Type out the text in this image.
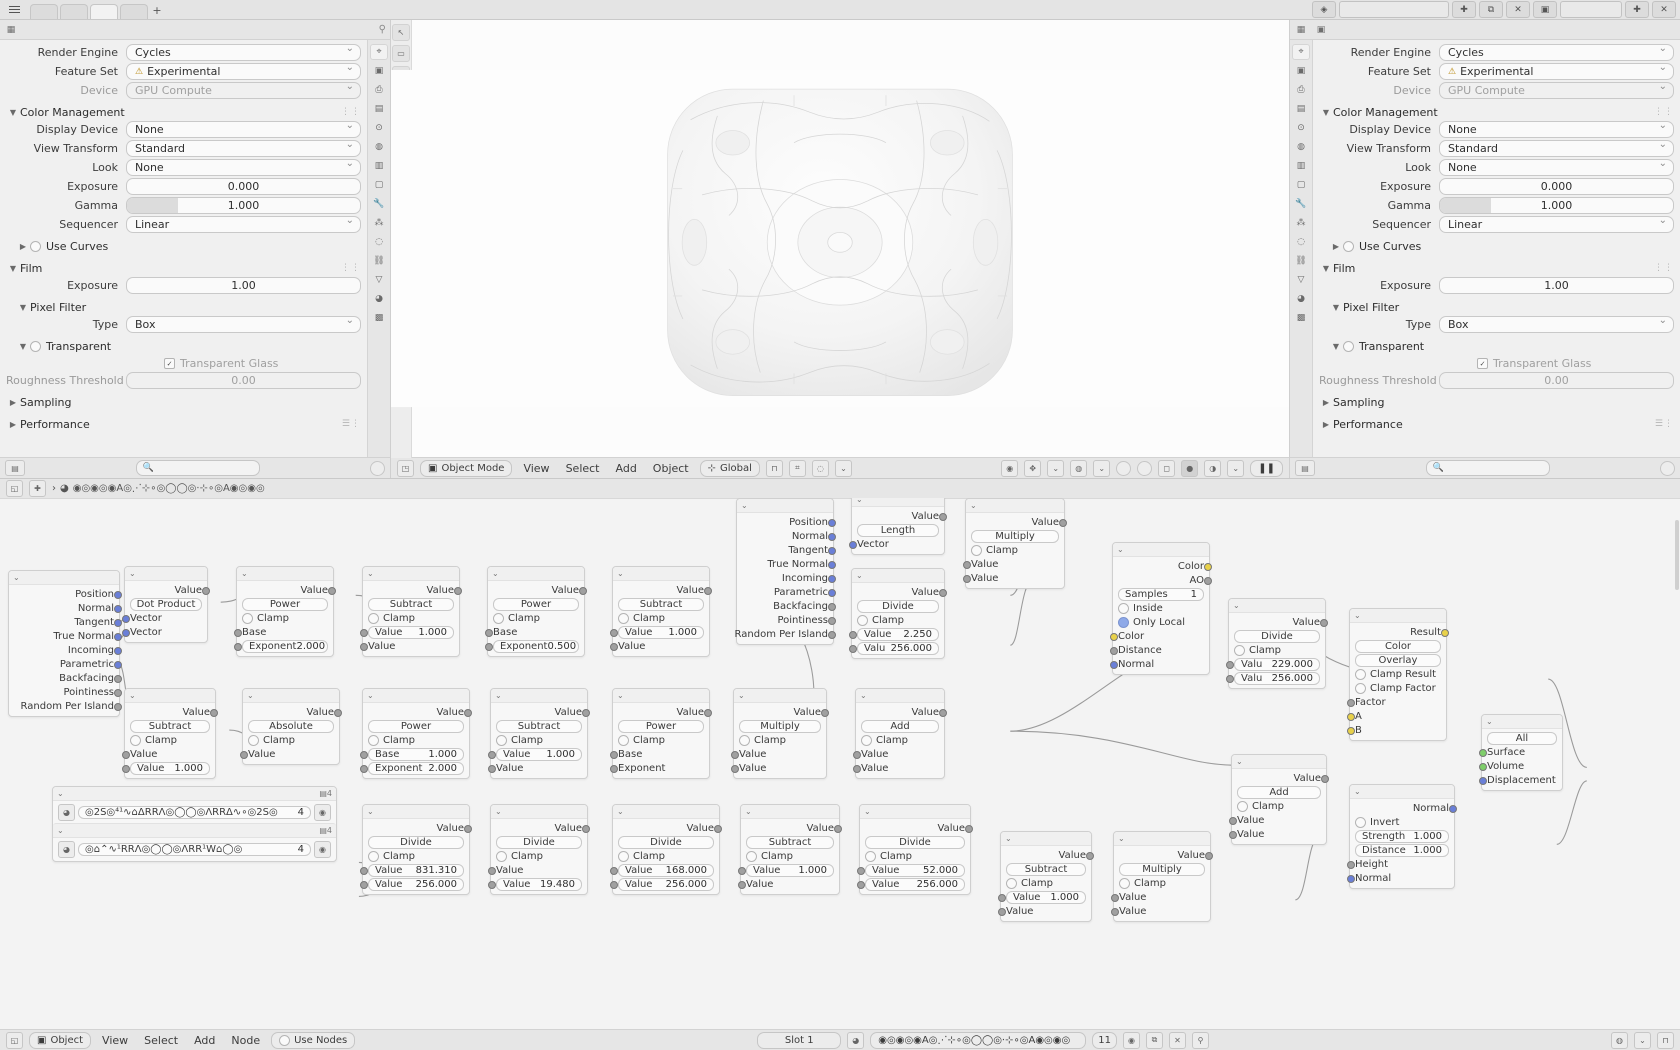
+	◈	✚	⧉	✕	▣	✚	✕
▦	⚲
Render Engine	Cycles ⌄
Feature Set	⚠ Experimental
⌄
Device	GPU Compute ⌄
▼ Color Management	⋮⋮
Display Device	None ⌄
View Transform	Standard ⌄
Look	None ⌄
Exposure	0.000
Gamma	1.000
Sequencer	Linear ⌄
▶	Use Curves
▼ Film	⋮⋮
Exposure	1.00
▼ Pixel Filter
Type	Box ⌄
▼	Transparent
✓ Transparent Glass
Roughness Threshold	0.00
▶ Sampling
▶ Performance	☰⋮
⌖
▣
⎙
▤
⊙
◍
▥
▢
🔧
⁂
◌
⛓
▽
◕
▩
▤	🔍
↖
▭
◳	▣ Object Mode	View	Select	Add	Object	⊹ Global	⊓	⌗	◌	⌄	◉	✥	⌄	◍	⌄	◻	●	◑	⌄	❚❚
▦	▣
⌖
▣
⎙
▤
⊙
◍
▥
▢
🔧
⁂
◌
⛓
▽
◕
▩
Render Engine	Cycles ⌄
Feature Set	⚠ Experimental
⌄
Device	GPU Compute ⌄
▼ Color Management	⋮⋮
Display Device	None ⌄
View Transform	Standard ⌄
Look	None ⌄
Exposure	0.000
Gamma	1.000
Sequencer	Linear ⌄
▶	Use Curves
▼ Film	⋮⋮
Exposure	1.00
▼ Pixel Filter
Type	Box ⌄
▼	Transparent
✓ Transparent Glass
Roughness Threshold	0.00
▶ Sampling
▶ Performance	☰⋮
▤	🔍
◱	✚	› ◕ ◉◎◉◎◉A◎⋰⊹∘◎◯◯◎⋅⊹∘◎A◉◎◉◎
⌄
Position
Normal
Tangent
True Normal
Incoming
Parametric
Backfacing
Pointiness
Random Per Island
⌄
Value
Dot Product
Vector
Vector
⌄
Value
Power
Clamp
Base
Exponent 2.000
⌄
Value
Subtract
Clamp
Value 1.000
Value
⌄
Value
Power
Clamp
Base
Exponent 0.500
⌄
Value
Subtract
Clamp
Value 1.000
Value
⌄
Position
Normal
Tangent
True Normal
Incoming
Parametric
Backfacing
Pointiness
Random Per Island
⌄
Value
Length
Vector
⌄
Value
Divide
Clamp
Value 2.250
Valu 256.000
⌄
Value
Multiply
Clamp
Value
Value
⌄
Color
AO
Samples 1
Inside
Only Local
Color
Distance
Normal
⌄
Value
Divide
Clamp
Valu 229.000
Valu 256.000
⌄
Result
Color
Overlay
Clamp Result
Clamp Factor
Factor
A
B
⌄
All
Surface
Volume
Displacement
⌄
Value
Subtract
Clamp
Value
Value 1.000
⌄
Value
Absolute
Clamp
Value
⌄
Value
Power
Clamp
Base	1.000
Exponent 2.000
⌄
Value
Subtract
Clamp
Value 1.000
Value
⌄
Value
Power
Clamp
Base
Exponent
⌄
Value
Multiply
Clamp
Value
Value
⌄
Value
Add
Clamp
Value
Value
⌄
Value
Add
Clamp
Value
Value
⌄
Normal
Invert
Strength 1.000
Distance 1.000
Height
Normal
⌄	▤4
◕	◎2S◎⁴¹∿⌂ΔRRΛ◎◯◯◎ΛRRΔ∿∘◎2S◎ 4	◉
⌄	▤4
◕	◎⌂⌃∿¹RRΛ◎◯◯◎ΛRR¹W⌂◯◎	4	◉
⌄
Value
Divide
Clamp
Value 831.310
Value 256.000
⌄
Value
Divide
Clamp
Value
Value 19.480
⌄
Value
Divide
Clamp
Value 168.000
Value 256.000
⌄
Value
Subtract
Clamp
Value 1.000
Value
⌄
Value
Divide
Clamp
Value 52.000
Value 256.000
⌄
Value
Subtract
Clamp
Value 1.000
Value
⌄
Value
Multiply
Clamp
Value
Value
◱	▣ Object	View	Select	Add	Node	Use Nodes	Slot 1	◕	◉◎◉◎◉A◎⋰⊹∘◎◯◯◎⋅⊹∘◎A◉◎◉◎	11	◉	⧉	✕	⚲	◍	⌄	⊓
